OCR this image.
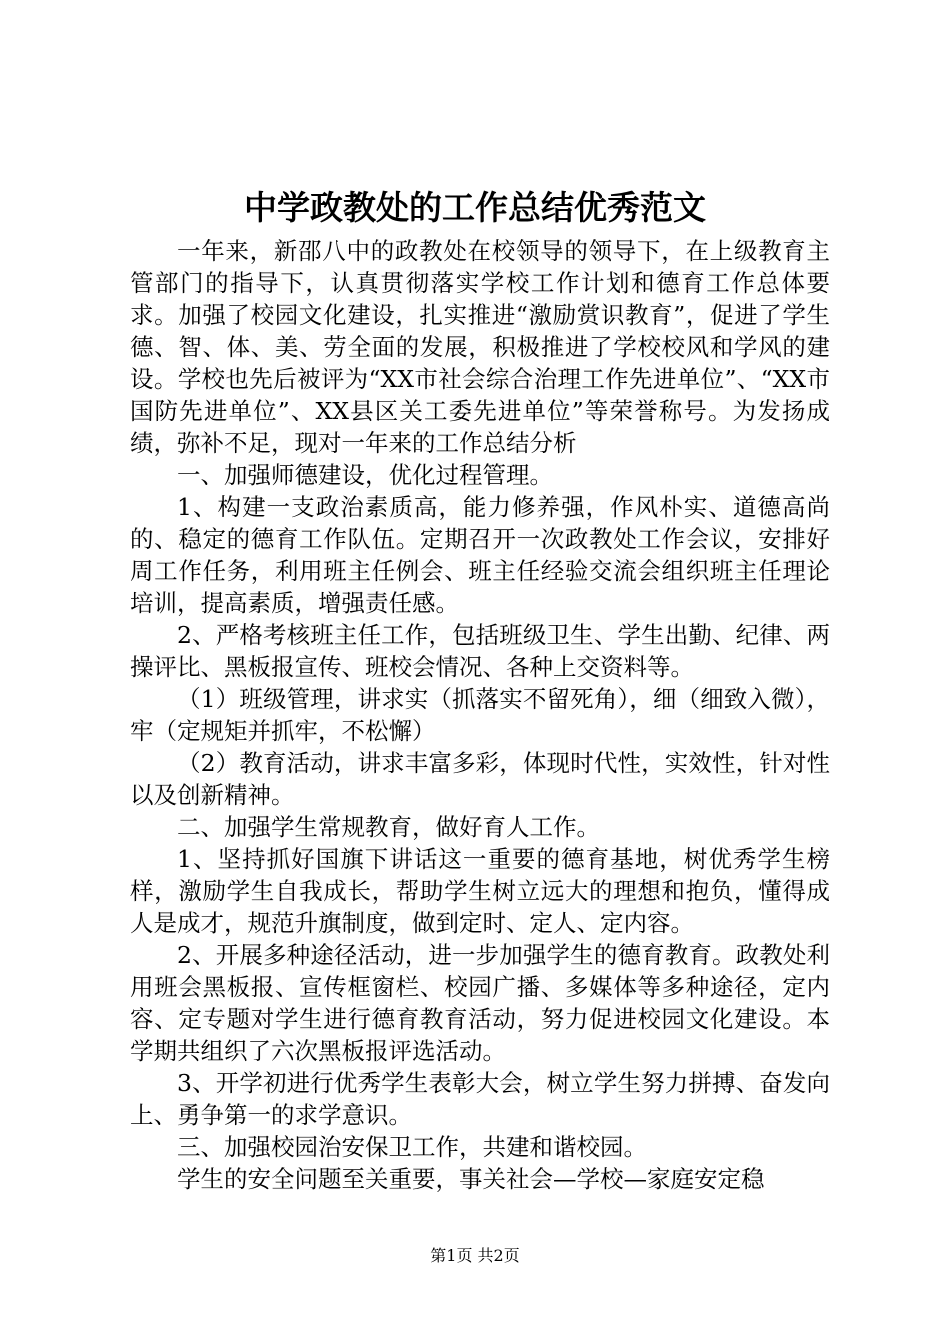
中学政教处的工作总结优秀范文

一年来，新邵八中的政教处在校领导的领导下，在上级教育主管部门的指导下，认真贯彻落实学校工作计划和德育工作总体要求。加强了校园文化建设，扎实推进“激励赏识教育”，促进了学生德、智、体、美、劳全面的发展，积极推进了学校校风和学风的建设。学校也先后被评为“XX市社会综合治理工作先进单位”、“XX市国防先进单位”、XX县区关工委先进单位”等荣誉称号。为发扬成绩，弥补不足，现对一年来的工作总结分析

一、加强师德建设，优化过程管理。

1、构建一支政治素质高，能力修养强，作风朴实、道德高尚的、稳定的德育工作队伍。定期召开一次政教处工作会议，安排好周工作任务，利用班主任例会、班主任经验交流会组织班主任理论培训，提高素质，增强责任感。

2、严格考核班主任工作，包括班级卫生、学生出勤、纪律、两操评比、黑板报宣传、班校会情况、各种上交资料等。

（1）班级管理，讲求实（抓落实不留死角），细（细致入微），牢（定规矩并抓牢，不松懈）

（2）教育活动，讲求丰富多彩，体现时代性，实效性，针对性以及创新精神。

二、加强学生常规教育，做好育人工作。

1、坚持抓好国旗下讲话这一重要的德育基地，树优秀学生榜样，激励学生自我成长，帮助学生树立远大的理想和抱负，懂得成人是成才，规范升旗制度，做到定时、定人、定内容。

2、开展多种途径活动，进一步加强学生的德育教育。政教处利用班会黑板报、宣传框窗栏、校园广播、多媒体等多种途径，定内容、定专题对学生进行德育教育活动，努力促进校园文化建设。本学期共组织了六次黑板报评选活动。

3、开学初进行优秀学生表彰大会，树立学生努力拼搏、奋发向上、勇争第一的求学意识。

三、加强校园治安保卫工作，共建和谐校园。

学生的安全问题至关重要，事关社会—学校—家庭安定稳

第1页 共2页
